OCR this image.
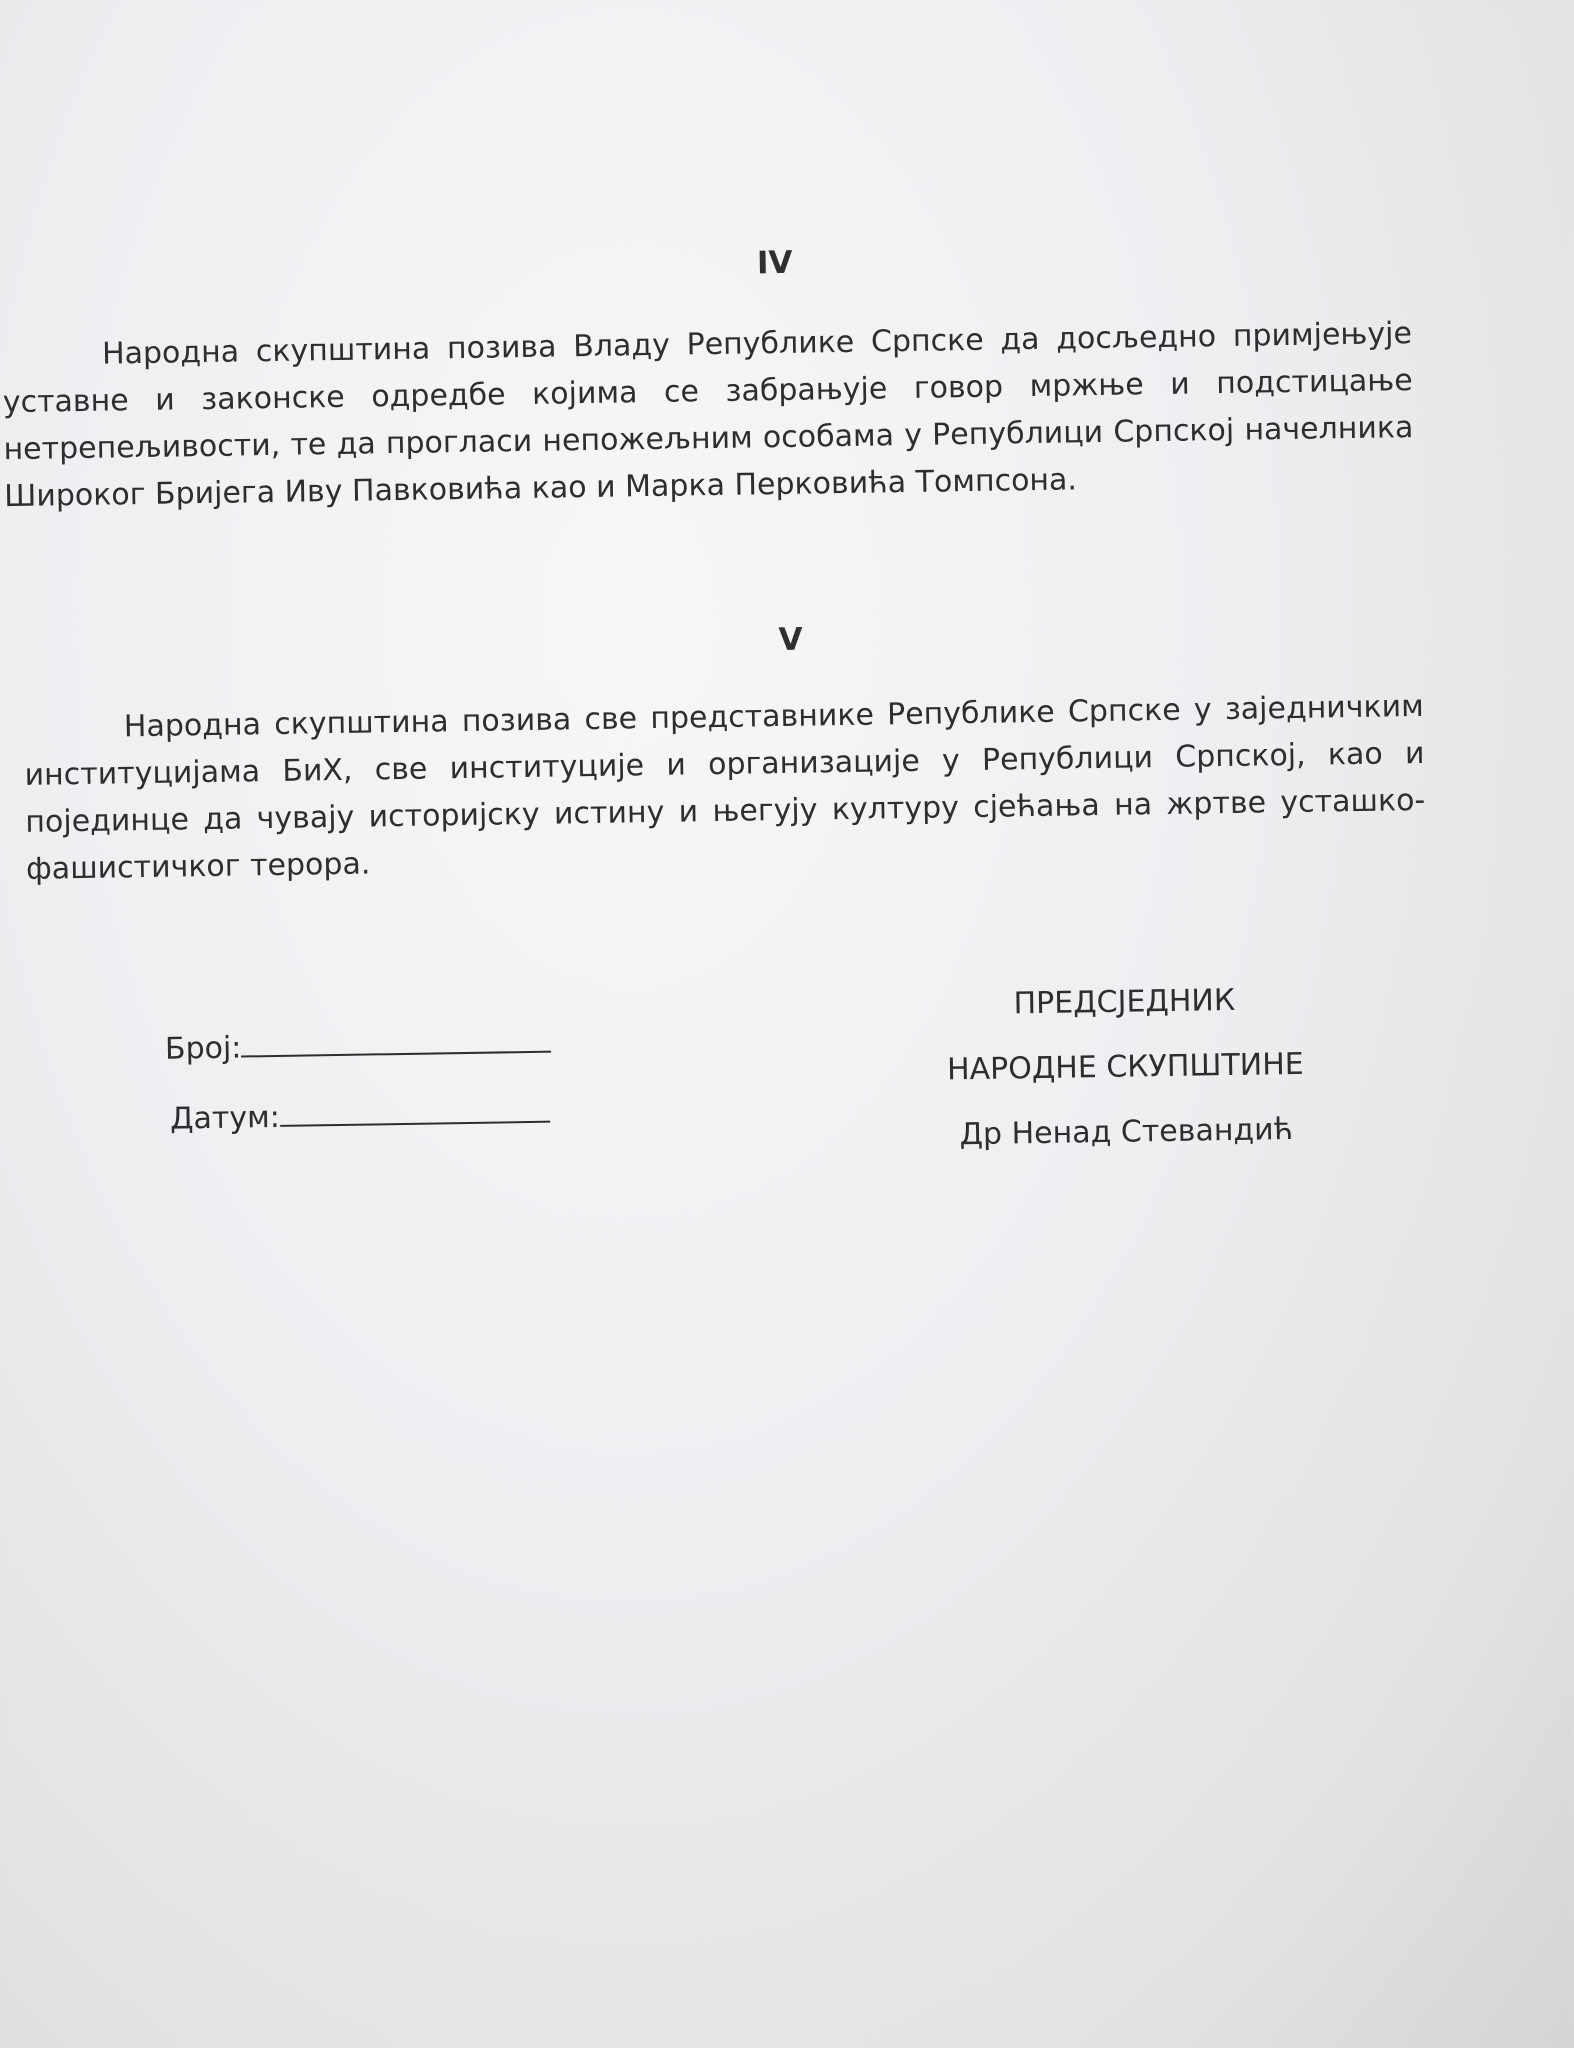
IV
Народна скупштина позива Владу Републике Српске да досљедно примјењује уставне и законске одредбе којима се забрањује говор мржње и подстицање нетрепељивости, те да прогласи непожељним особама у Републици Српској начелника Широког Бријега Иву Павковића као и Марка Перковића Томпсона.
V
Народна скупштина позива све представнике Републике Српске у заједничким институцијама БиХ, све институције и организације у Републици Српској, као и појединце да чувају историјску истину и његују културу сјећања на жртве усташко-фашистичког терора.
Број:
Датум:
ПРЕДСЈЕДНИК
НАРОДНЕ СКУПШТИНЕ
Др Ненад Стевандић
